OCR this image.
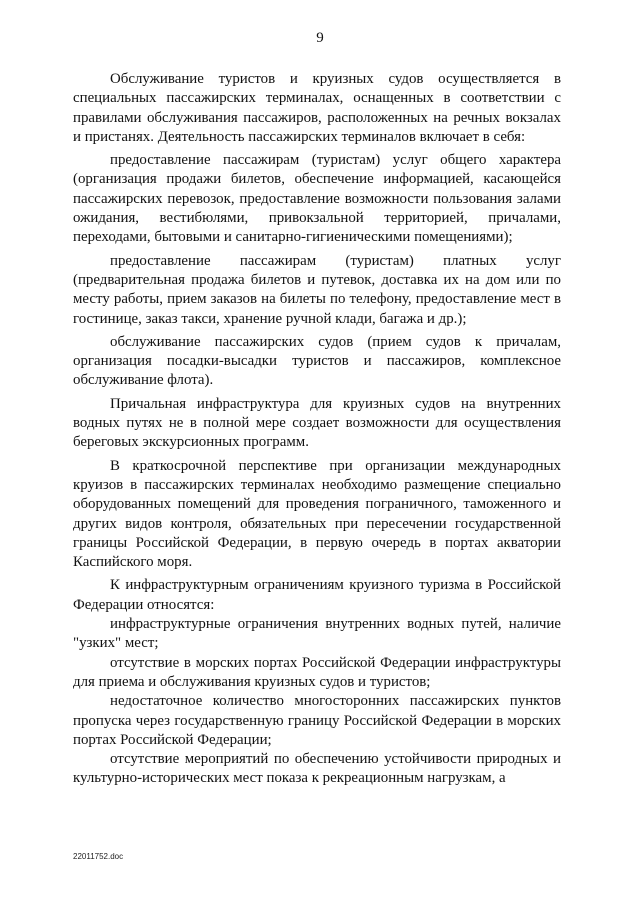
9

Обслуживание туристов и круизных судов осуществляется в специальных пассажирских терминалах, оснащенных в соответствии с правилами обслуживания пассажиров, расположенных на речных вокзалах и пристанях. Деятельность пассажирских терминалов включает в себя:

предоставление пассажирам (туристам) услуг общего характера (организация продажи билетов, обеспечение информацией, касающейся пассажирских перевозок, предоставление возможности пользования залами ожидания, вестибюлями, привокзальной территорией, причалами, переходами, бытовыми и санитарно-гигиеническими помещениями);

предоставление пассажирам (туристам) платных услуг (предварительная продажа билетов и путевок, доставка их на дом или по месту работы, прием заказов на билеты по телефону, предоставление мест в гостинице, заказ такси, хранение ручной клади, багажа и др.);

обслуживание пассажирских судов (прием судов к причалам, организация посадки-высадки туристов и пассажиров, комплексное обслуживание флота).

Причальная инфраструктура для круизных судов на внутренних водных путях не в полной мере создает возможности для осуществления береговых экскурсионных программ.

В краткосрочной перспективе при организации международных круизов в пассажирских терминалах необходимо размещение специально оборудованных помещений для проведения пограничного, таможенного и других видов контроля, обязательных при пересечении государственной границы Российской Федерации, в первую очередь в портах акватории Каспийского моря.

К инфраструктурным ограничениям круизного туризма в Российской Федерации относятся:

инфраструктурные ограничения внутренних водных путей, наличие "узких" мест;

отсутствие в морских портах Российской Федерации инфраструктуры для приема и обслуживания круизных судов и туристов;

недостаточное количество многосторонних пассажирских пунктов пропуска через государственную границу Российской Федерации в морских портах Российской Федерации;

отсутствие мероприятий по обеспечению устойчивости природных и культурно-исторических мест показа к рекреационным нагрузкам, а

22011752.doc
